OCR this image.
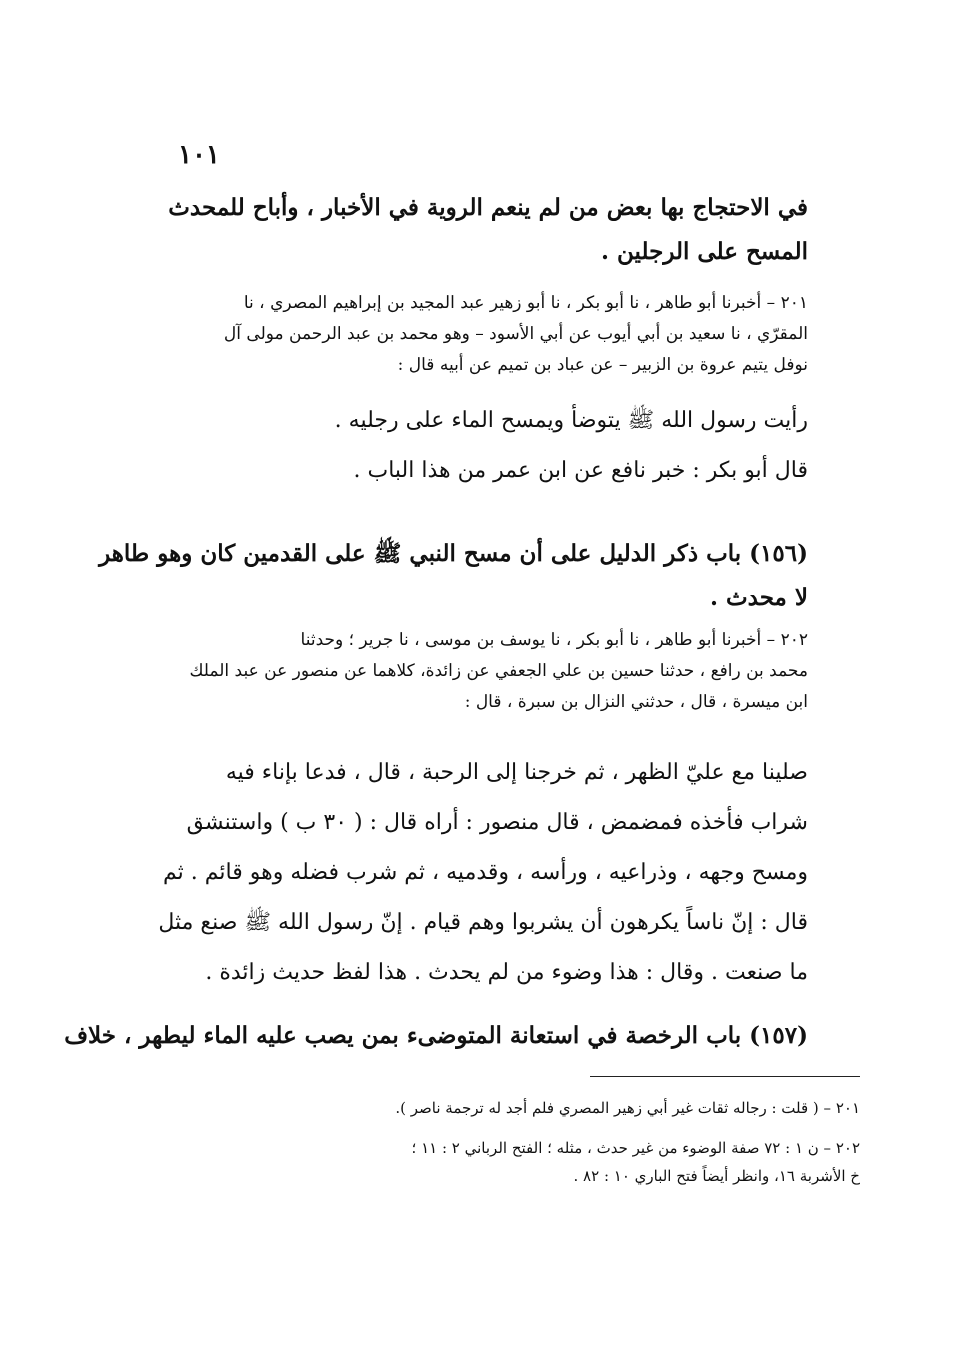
١٠١
في الاحتجاج بها بعض من لم ينعم الروية في الأخبار ، وأباح للمحدث
المسح على الرجلين .
٢٠١ – أخبرنا أبو طاهر ، نا أبو بكر ، نا أبو زهير عبد المجيد بن إبراهيم المصري ، نا
المقرّي ، نا سعيد بن أبي أيوب عن أبي الأسود – وهو محمد بن عبد الرحمن مولى آل
نوفل يتيم عروة بن الزبير – عن عباد بن تميم عن أبيه قال :
رأيت رسول الله ﷺ يتوضأ ويمسح الماء على رجليه .
قال أبو بكر : خبر نافع عن ابن عمر من هذا الباب .
(١٥٦) باب ذكر الدليل على أن مسح النبي ﷺ على القدمين كان وهو طاهر
لا محدث .
٢٠٢ – أخبرنا أبو طاهر ، نا أبو بكر ، نا يوسف بن موسى ، نا جرير ؛ وحدثنا
محمد بن رافع ، حدثنا حسين بن علي الجعفي عن زائدة، كلاهما عن منصور عن عبد الملك
ابن ميسرة ، قال ، حدثني النزال بن سبرة ، قال :
صلينا مع عليّ الظهر ، ثم خرجنا إلى الرحبة ، قال ، فدعا بإناء فيه
شراب فأخذه فمضمض ، قال منصور : أراه قال : ( ٣٠ ب ) واستنشق
ومسح وجهه ، وذراعيه ، ورأسه ، وقدميه ، ثم شرب فضله وهو قائم . ثم
قال : إنّ ناساً يكرهون أن يشربوا وهم قيام . إنّ رسول الله ﷺ صنع مثل
ما صنعت . وقال : هذا وضوء من لم يحدث . هذا لفظ حديث زائدة .
(١٥٧) باب الرخصة في استعانة المتوضىء بمن يصب عليه الماء ليطهر ، خلاف
٢٠١ – ( قلت : رجاله ثقات غير أبي زهير المصري فلم أجد له ترجمة ناصر ).
٢٠٢ – ن ١ : ٧٢ صفة الوضوء من غير حدث ، مثله ؛ الفتح الرباني ٢ : ١١ ؛
خ الأشربة ١٦، وانظر أيضاً فتح الباري ١٠ : ٨٢ .
